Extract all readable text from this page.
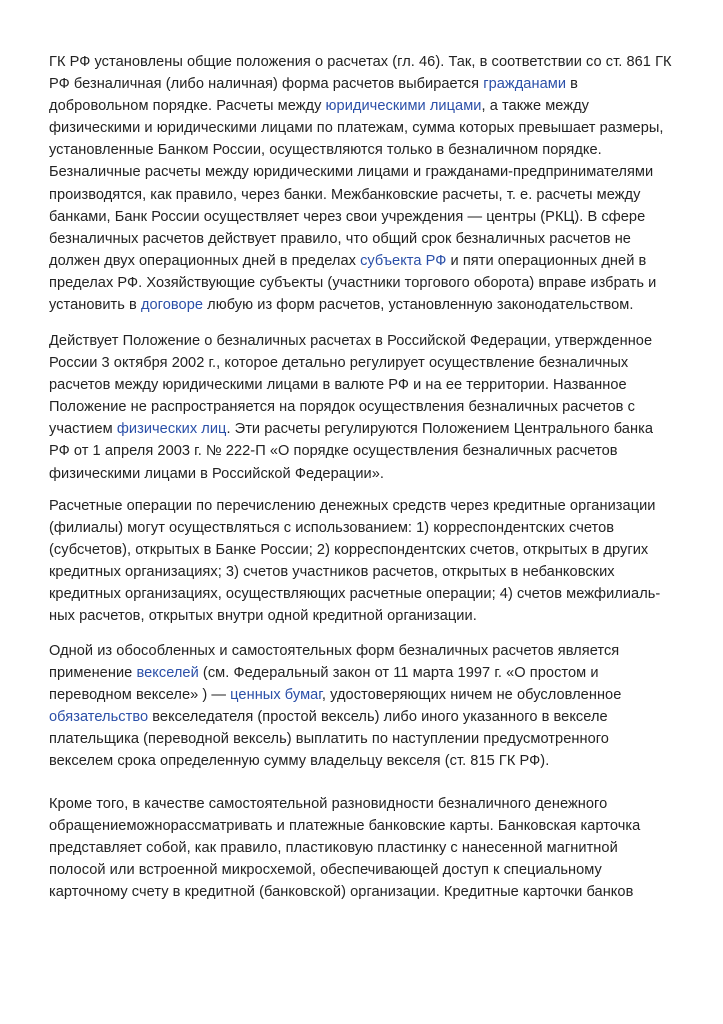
ГК РФ установлены общие положения о расчетах (гл. 46). Так, в соответствии со ст. 861 ГК
РФ безналичная (либо наличная) форма расчетов выбирается гражданами в
добровольном порядке. Расчеты между юридическими лицами, а также между
физическими и юридическими лицами по платежам, сумма которых превышает размеры,
установленные Банком России, осуществляются только в безналичном порядке.
Безналичные расчеты между юридическими лицами и гражданами-предпринимателями
производятся, как правило, через банки. Межбанковские расчеты, т. е. расчеты между
банками, Банк России осуществляет через свои учреждения — центры (РКЦ). В сфере
безналичных расчетов действует правило, что общий срок безналичных расчетов не
должен двух операционных дней в пределах субъекта РФ и пяти операционных дней в
пределах РФ. Хозяйствующие субъекты (участники торгового оборота) вправе избрать и
установить в договоре любую из форм расчетов, установленную законодательством.

Действует Положение о безналичных расчетах в Российской Федерации, утвержденное
России 3 октября 2002 г., которое детально регулирует осуществление безналичных
расчетов между юридическими лицами в валюте РФ и на ее территории. Названное
Положение не распространяется на порядок осуществления безналичных расчетов с
участием физических лиц. Эти расчеты регулируются Положением Центрального банка
РФ от 1 апреля 2003 г. № 222-П «О порядке осуществления безналичных расчетов
физическими лицами в Российской Федерации».

Расчетные операции по перечислению денежных средств через кредитные организации
(филиалы) могут осуществляться с использованием: 1) корреспондентских счетов
(субсчетов), открытых в Банке России; 2) корреспондентских счетов, открытых в других
кредитных организациях; 3) счетов участников расчетов, открытых в небанковских
кредитных организациях, осуществляющих расчетные операции; 4) счетов межфилиаль-
ных расчетов, открытых внутри одной кредитной организации.

Одной из обособленных и самостоятельных форм безналичных расчетов является
применение векселей (см. Федеральный закон от 11 марта 1997 г. «О простом и
переводном векселе» ) — ценных бумаг, удостоверяющих ничем не обусловленное
обязательство векселедателя (простой вексель) либо иного указанного в векселе
плательщика (переводной вексель) выплатить по наступлении предусмотренного
векселем срока определенную сумму владельцу векселя (ст. 815 ГК РФ).

Кроме того, в качестве самостоятельной разновидности безналичного денежного
обращениеможнорассматривать и платежные банковские карты. Банковская карточка
представляет собой, как правило, пластиковую пластинку с нанесенной магнитной
полосой или встроенной микросхемой, обеспечивающей доступ к специальному
карточному счету в кредитной (банковской) организации. Кредитные карточки банков
